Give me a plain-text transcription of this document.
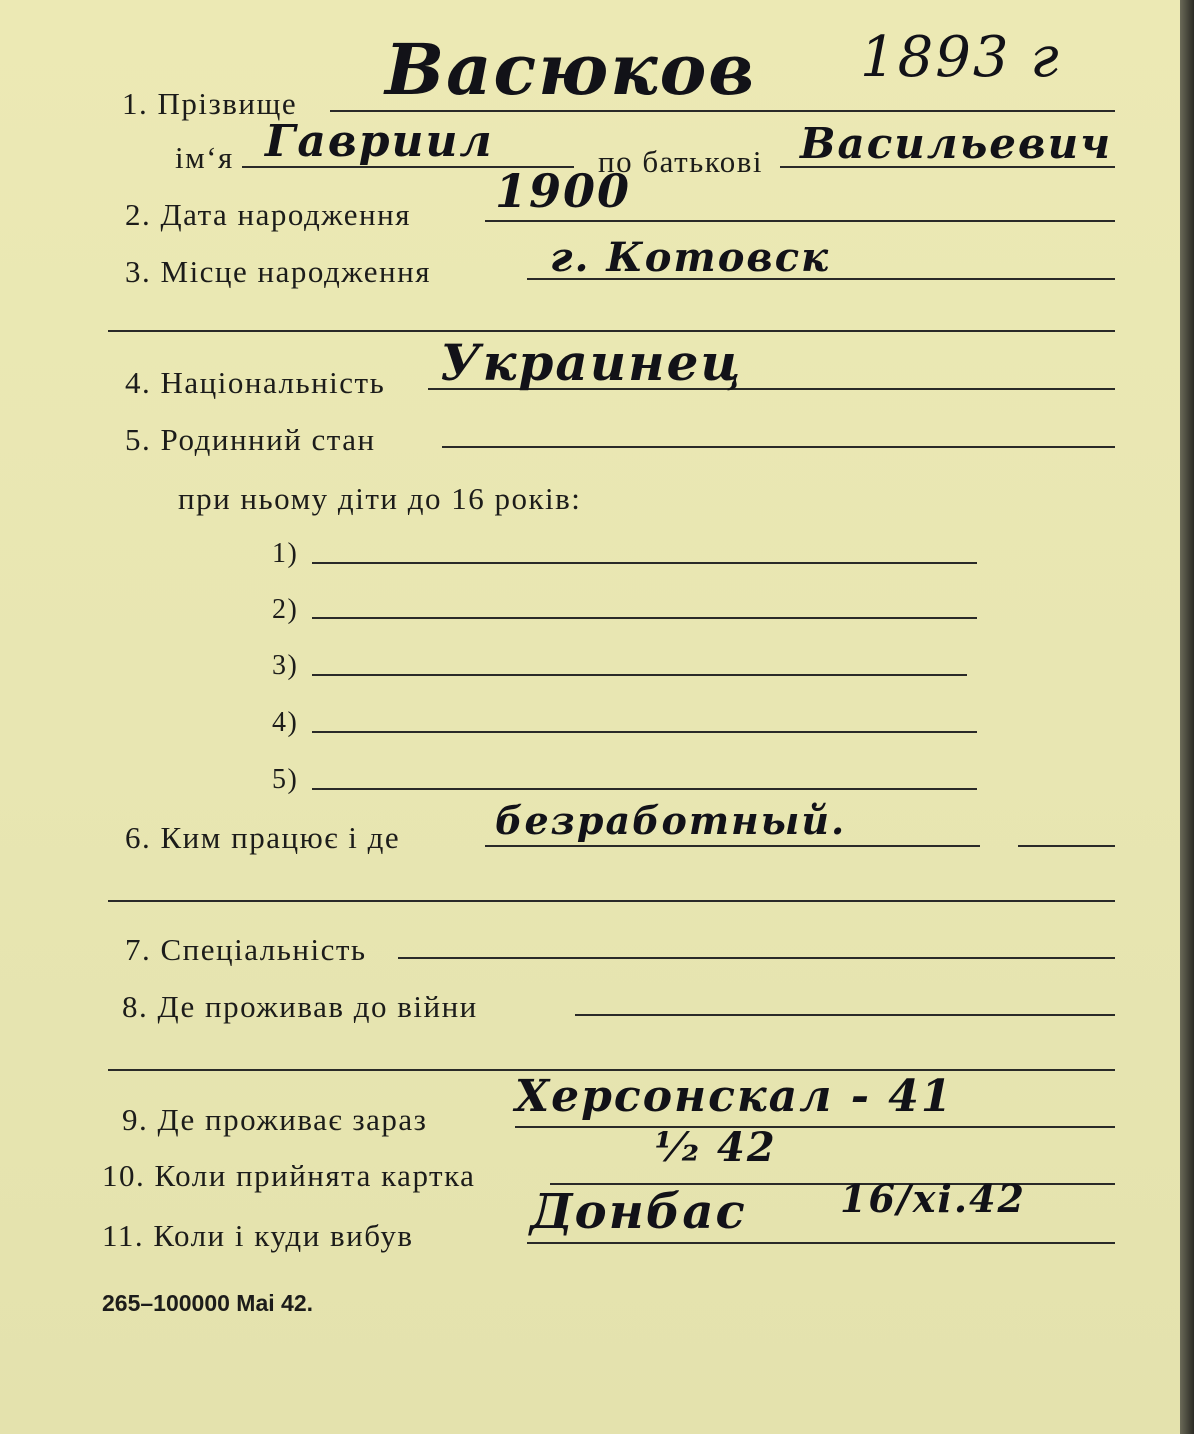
1. Прізвище Васюков 1893 г
ім‘я Гавриил	по батькові Васильевич
2. Дата народження 1900
3. Місце народження	г. Котовск
4. Національність Украинец
5. Родинний стан
при ньому діти до 16 років:
1)
2)
3)
4)
5)
6. Ким працює і де безработный.
7. Спеціальність
8. Де проживав до війни
9. Де проживає зараз Херсонскал - 41
10. Коли прийнята картка
⅟₂ 42
11. Коли і куди вибув Донбас 16/xi.42
265–100000 Mai 42.
